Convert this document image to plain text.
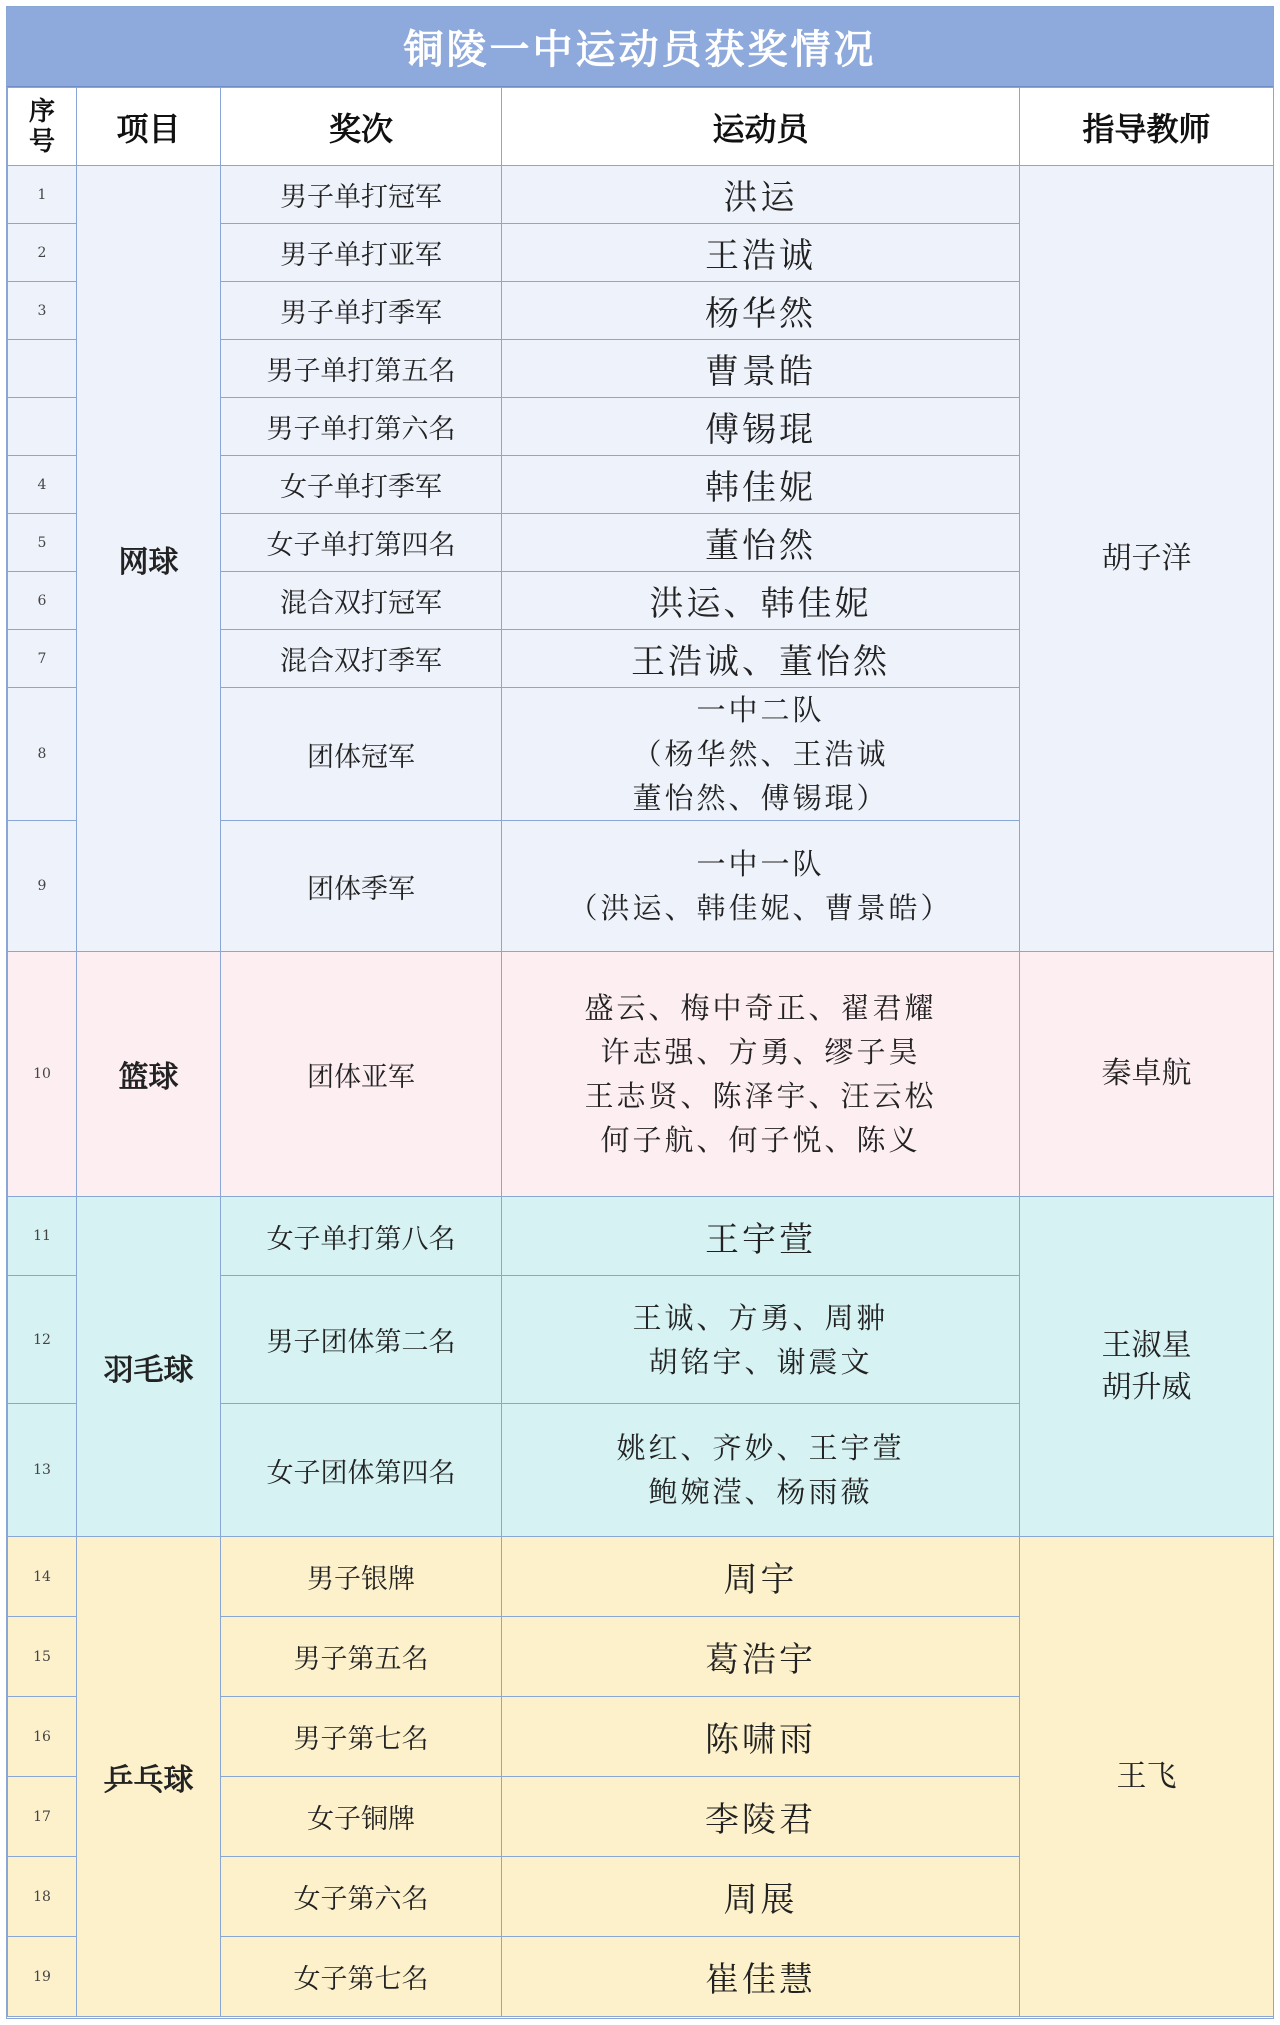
铜陵一中运动员获奖情况
序号	项目	奖次	运动员	指导教师
1	网球	男子单打冠军	洪运	胡子洋

2		男子单打亚军	王浩诚	

3		男子单打季军	杨华然	

		男子单打第五名	曹景皓	

		男子单打第六名	傅锡琨	

4		女子单打季军	韩佳妮	

5		女子单打第四名	董怡然	

6		混合双打冠军	洪运、韩佳妮	

7		混合双打季军	王浩诚、董怡然	

8		团体冠军	一中二队
（杨华然、王浩诚
董怡然、傅锡琨）	

9		团体季军	一中一队
（洪运、韩佳妮、曹景皓）	

10	篮球	团体亚军	盛云、梅中奇正、翟君耀
许志强、方勇、缪子昊
王志贤、陈泽宇、汪云松
何子航、何子悦、陈义	秦卓航

11	羽毛球	女子单打第八名	王宇萱	王淑星
胡升威

12		男子团体第二名	王诚、方勇、周翀
胡铭宇、谢震文	

13		女子团体第四名	姚红、齐妙、王宇萱
鲍婉滢、杨雨薇	

14	乒乓球	男子银牌	周宇	王飞

15		男子第五名	葛浩宇	

16		男子第七名	陈啸雨	

17		女子铜牌	李陵君	

18		女子第六名	周展	

19		女子第七名	崔佳慧	
